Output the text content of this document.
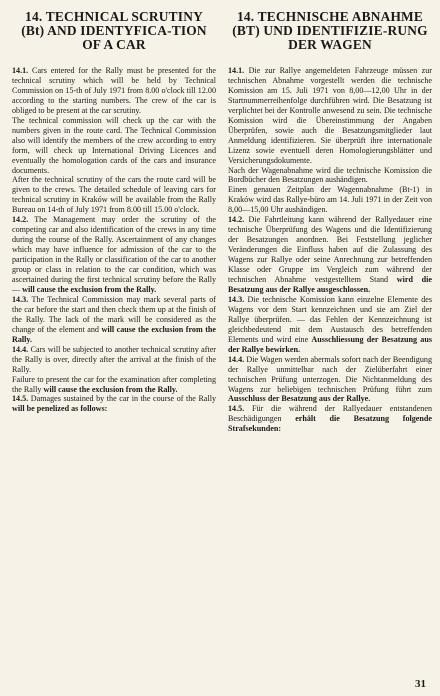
14. TECHNICAL SCRUTINY (Bt) AND IDENTYFICA-TION OF A CAR

14.1. Cars entered for the Rally must be presented for the technical scrutiny which will be held by Technical Commission on 15-th of July 1971 from 8.00 o'clock till 12.00 according to the starting numbers. The crew of the car is obliged to be present at the car scrutiny.

The technical commission will check up the car with the numbers given in the route card. The Technical Commission also will identify the members of the crew according to entry form, will check up International Driving Licences and eventually the homologation cards of the cars and insurance documents.

After the technical scrutiny of the cars the route card will be given to the crews. The detailed schedule of leaving cars for technical scrutiny in Kraków will be available from the Rally Bureau on 14-th of July 1971 from 8.00 till 15.00 o'clock.

14.2. The Management may order the scrutiny of the competing car and also identification of the crews in any time during the course of the Rally. Ascertainment of any changes which may have influence for admission of the car to the participation in the Rally or classification of the car to another group or class in relation to the car condition, which was ascertained during the first technical scrutiny before the Rally — will cause the exclusion from the Rally.

14.3. The Technical Commission may mark several parts of the car before the start and then check them up at the finish of the Rally. The lack of the mark will be considered as the change of the element and will cause the exclusion from the Rally.

14.4. Cars will be subjected to another technical scrutiny after the Rally is over, directly after the arrival at the finish of the Rally.

Failure to present the car for the examination after completing the Rally will cause the exclusion from the Rally.

14.5. Damages sustained by the car in the course of the Rally will be penelized as follows:

14. TECHNISCHE ABNAHME (BT) UND IDENTIFIZIE-RUNG DER WAGEN

14.1. Die zur Rallye angemeldeten Fahrzeuge müssen zur technischen Abnahme vorgestellt werden die technische Komission am 15. Juli 1971 von 8,00—12,00 Uhr in der Startnummerreihenfolge durchführen wird. Die Besatzung ist verplichtet bei der Kontrolle anwesend zu sein. Die technische Komission wird die Übereinstimmung der Angaben Überprüfen, sowie auch die Besatzungsmitglieder laut Anmeldung identifizieren. Sie überprüft ihre internationale Lizenz sowie eventuell deren Homologierungsblätter und Versicherungsdokumente.

Nach der Wagenabnahme wird die technische Komission die Bordbücher den Besatzungen aushändigen.

Einen genauen Zeitplan der Wagennabnahme (Bt-1) in Kraków wird das Rallye-büro am 14. Juli 1971 in der Zeit von 8,00—15,00 Uhr aushändigen.

14.2. Die Fahrtleitung kann während der Rallyedauer eine technische Überprüfung des Wagens und die Identifizierung der Besatzungen anordnen. Bei Feststellung jeglicher Veränderungen die Einfluss haben auf die Zulassung des Wagens zur Rallye oder seine Anrechnung zur betreffenden Klasse oder Gruppe im Vergleich zum während der technischen Abnahme vestgestelltem Stand wird die Besatzung aus der Rallye ausgeschlossen.

14.3. Die technische Komission kann einzelne Elemente des Wagens vor dem Start kennzeichnen und sie am Ziel der Rallye überprüfen. — das Fehlen der Kennzeichnung ist gleichbedeutend mit dem Austausch des betreffenden Elements und wird eine Ausschliessung der Besatzung aus der Rallye bewirken.

14.4. Die Wagen werden abermals sofort nach der Beendigung der Rallye unmittelbar nach der Zielüberfahrt einer technischen Prüfung unterzogen. Die Nichtanmeldung des Wagens zur beliebigen technischen Prüfung führt zum Ausschluss der Besatzung aus der Rallye.

14.5. Für die während der Rallyedauer entstandenen Beschädigungen erhält die Besatzung folgende Strafsekunden:

31
